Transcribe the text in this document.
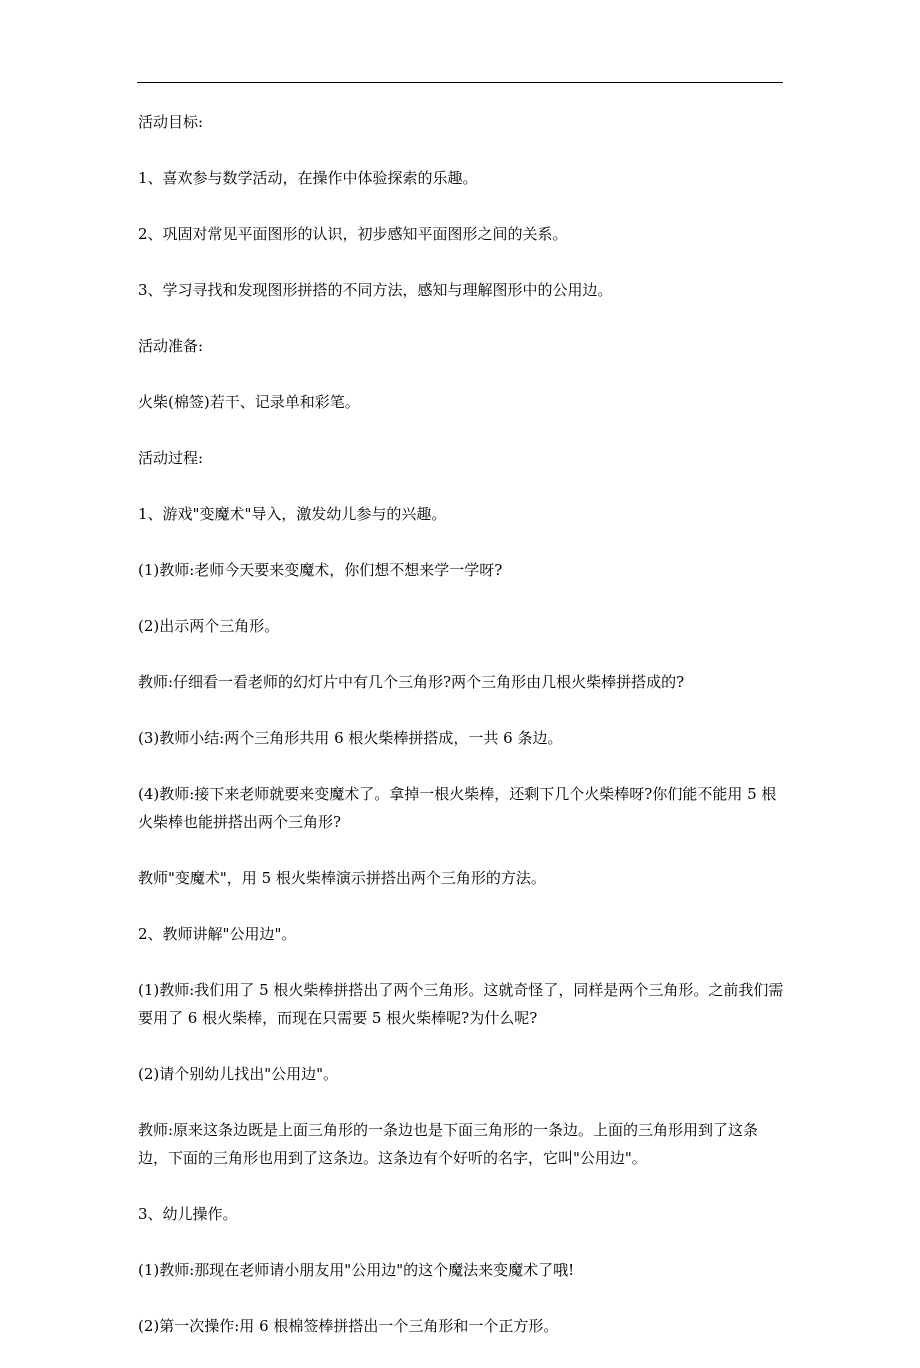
活动目标:

1、喜欢参与数学活动，在操作中体验探索的乐趣。

2、巩固对常见平面图形的认识，初步感知平面图形之间的关系。

3、学习寻找和发现图形拼搭的不同方法，感知与理解图形中的公用边。

活动准备:

火柴(棉签)若干、记录单和彩笔。

活动过程:

1、游戏"变魔术"导入，激发幼儿参与的兴趣。

(1)教师:老师今天要来变魔术，你们想不想来学一学呀?

(2)出示两个三角形。

教师:仔细看一看老师的幻灯片中有几个三角形?两个三角形由几根火柴棒拼搭成的?

(3)教师小结:两个三角形共用 6 根火柴棒拼搭成，一共 6 条边。

(4)教师:接下来老师就要来变魔术了。拿掉一根火柴棒，还剩下几个火柴棒呀?你们能不能用 5 根火柴棒也能拼搭出两个三角形?

教师"变魔术"，用 5 根火柴棒演示拼搭出两个三角形的方法。

2、教师讲解"公用边"。

(1)教师:我们用了 5 根火柴棒拼搭出了两个三角形。这就奇怪了，同样是两个三角形。之前我们需要用了 6 根火柴棒，而现在只需要 5 根火柴棒呢?为什么呢?

(2)请个别幼儿找出"公用边"。

教师:原来这条边既是上面三角形的一条边也是下面三角形的一条边。上面的三角形用到了这条边，下面的三角形也用到了这条边。这条边有个好听的名字，它叫"公用边"。

3、幼儿操作。

(1)教师:那现在老师请小朋友用"公用边"的这个魔法来变魔术了哦!

(2)第一次操作:用 6 根棉签棒拼搭出一个三角形和一个正方形。
